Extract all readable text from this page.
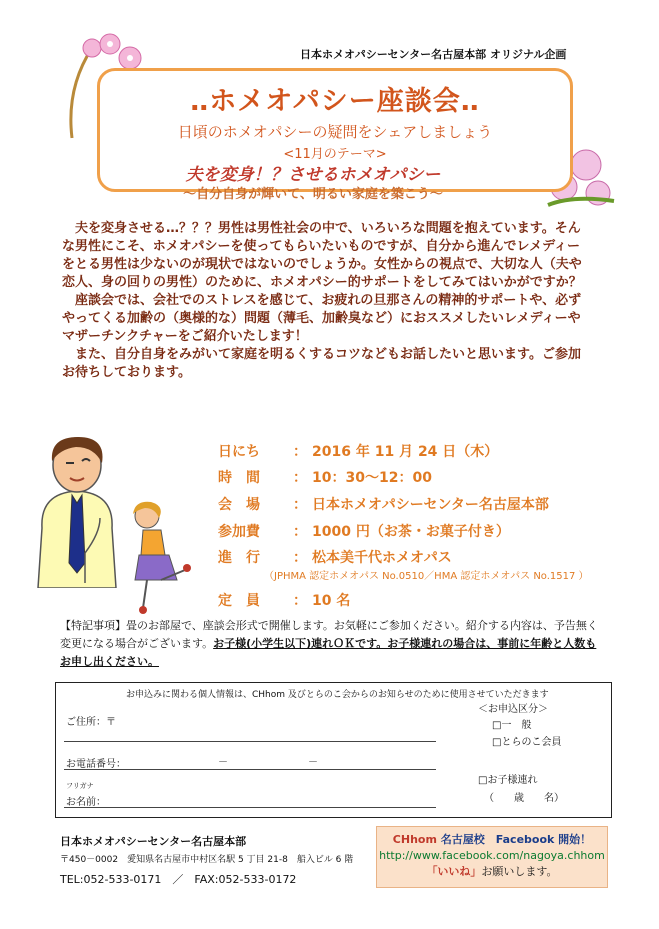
日本ホメオパシーセンター名古屋本部 オリジナル企画
‥ホメオパシー座談会‥
日頃のホメオパシーの疑問をシェアしましょう
<11月のテーマ>
夫を変身！？させるホメオパシー
～自分自身が輝いて、明るい家庭を築こう～

夫を変身させる…？？？男性は男性社会の中で、いろいろな問題を抱えています。そんな男性にこそ、ホメオパシーを使ってもらいたいものですが、自分から進んでレメディーをとる男性は少ないのが現状ではないのでしょうか。女性からの視点で、大切な人（夫や恋人、身の回りの男性）のために、ホメオパシー的サポートをしてみてはいかがですか？

座談会では、会社でのストレスを感じて、お疲れの旦那さんの精神的サポートや、必ずやってくる加齢の（奥様的な）問題（薄毛、加齢臭など）におススメしたいレメディーやマザーチンクチャーをご紹介いたします！

また、自分自身をみがいて家庭を明るくするコツなどもお話したいと思います。ご参加お待ちしております。

日にち ： 2016 年 11 月 24 日（木）
時　間 ： 10：30～12：00
会　場 ： 日本ホメオパシーセンター名古屋本部
参加費 ： 1000 円（お茶・お菓子付き）
進　行 ： 松本美千代ホメオパス
（JPHMA 認定ホメオパス No.0510／HMA 認定ホメオパス No.1517 ）
定　員 ： 10 名
【特記事項】畳のお部屋で、座談会形式で開催します。お気軽にご参加ください。紹介する内容は、予告無く変更になる場合がございます。お子様(小学生以下)連れＯＫです。お子様連れの場合は、事前に年齢と人数もお申し出ください。
お申込みに関わる個人情報は、CHhom 及びとらのこ会からのお知らせのために使用させていただきます
ご住所：〒
お電話番号：	－	－
フリガナ
お名前：
＜お申込区分＞
□一　般
□とらのこ会員
□お子様連れ
（　　歳　　名）
日本ホメオパシーセンター名古屋本部
〒450－0002　愛知県名古屋市中村区名駅 5 丁目 21-8　船入ビル 6 階
TEL:052-533-0171　／　FAX:052-533-0172
CHhom 名古屋校　Facebook 開始！
http://www.facebook.com/nagoya.chhom
「いいね」お願いします。
